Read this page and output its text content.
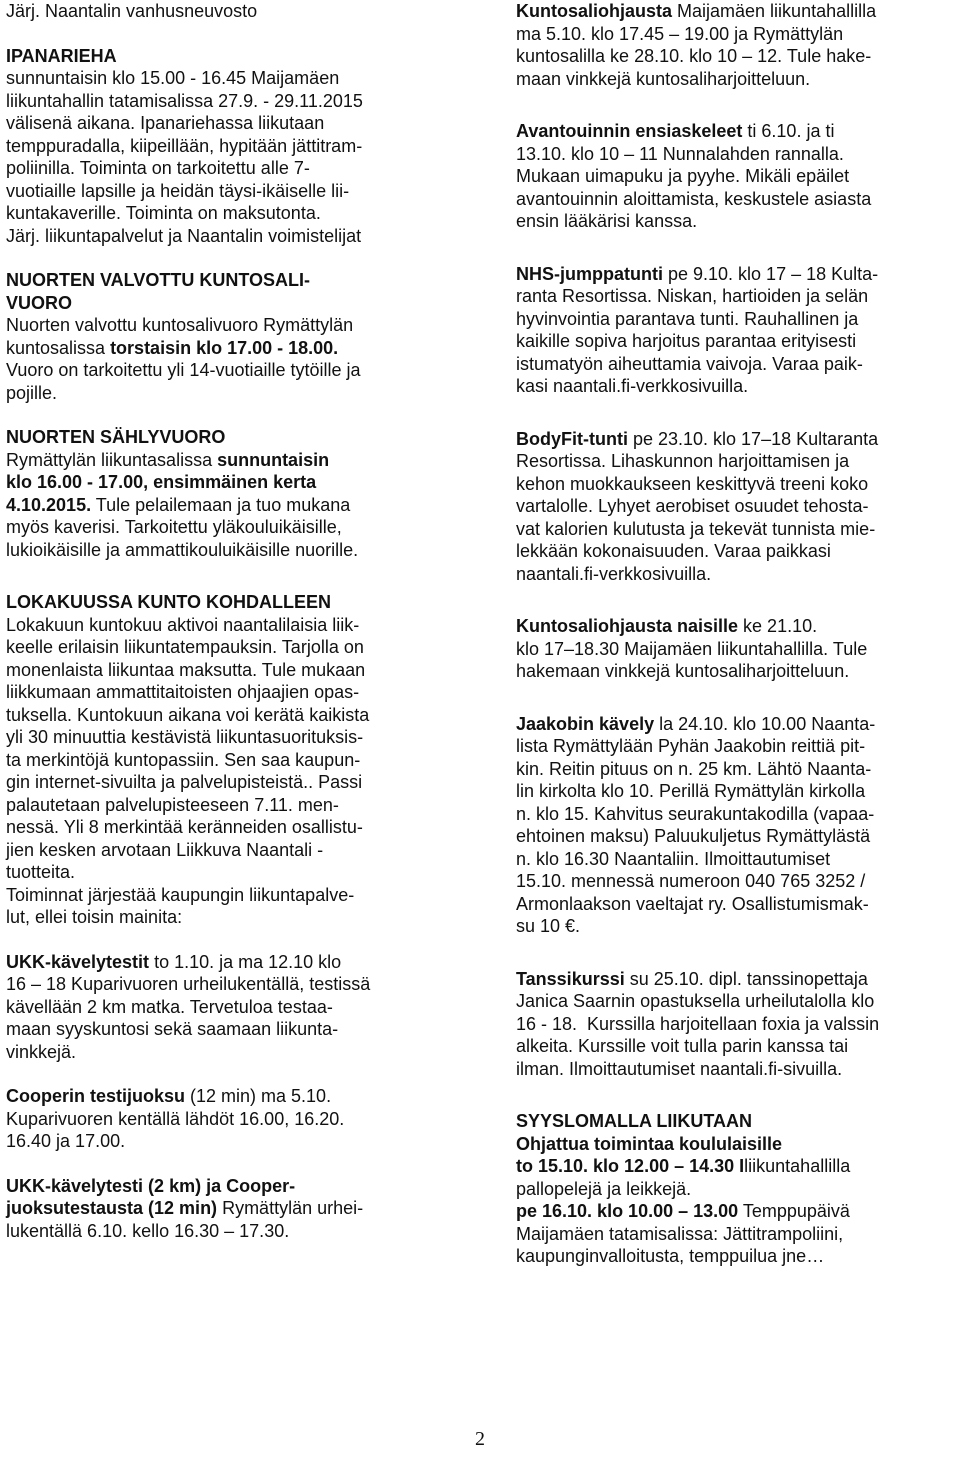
Järj. Naantalin vanhusneuvosto
IPANARIEHA
sunnuntaisin klo 15.00 - 16.45 Maijamäen
liikuntahallin tatamisalissa 27.9. - 29.11.2015
välisenä aikana. Ipanariehassa liikutaan
temppuradalla, kiipeillään, hypitään jättitram-
poliinilla. Toiminta on tarkoitettu alle 7-
vuotiaille lapsille ja heidän täysi-ikäiselle lii-
kuntakaverille. Toiminta on maksutonta.
Järj. liikuntapalvelut ja Naantalin voimistelijat
NUORTEN VALVOTTU KUNTOSALI-
VUORO
Nuorten valvottu kuntosalivuoro Rymättylän
kuntosalissa torstaisin klo 17.00 - 18.00.
Vuoro on tarkoitettu yli 14-vuotiaille tytöille ja
pojille.
NUORTEN SÄHLYVUORO
Rymättylän liikuntasalissa sunnuntaisin
klo 16.00 - 17.00, ensimmäinen kerta
4.10.2015. Tule pelailemaan ja tuo mukana
myös kaverisi. Tarkoitettu yläkouluikäisille,
lukioikäisille ja ammattikouluikäisille nuorille.
LOKAKUUSSA KUNTO KOHDALLEEN
Lokakuun kuntokuu aktivoi naantalilaisia liik-
keelle erilaisin liikuntatempauksin. Tarjolla on
monenlaista liikuntaa maksutta. Tule mukaan
liikkumaan ammattitaitoisten ohjaajien opas-
tuksella. Kuntokuun aikana voi kerätä kaikista
yli 30 minuuttia kestävistä liikuntasuorituksis-
ta merkintöjä kuntopassiin. Sen saa kaupun-
gin internet-sivuilta ja palvelupisteistä.. Passi
palautetaan palvelupisteeseen 7.11. men-
nessä. Yli 8 merkintää keränneiden osallistu-
jien kesken arvotaan Liikkuva Naantali -
tuotteita.
Toiminnat järjestää kaupungin liikuntapalve-
lut, ellei toisin mainita:
UKK-kävelytestit to 1.10. ja ma 12.10 klo
16 – 18 Kuparivuoren urheilukentällä, testissä
kävellään 2 km matka. Tervetuloa testaa-
maan syyskuntosi sekä saamaan liikunta-
vinkkejä.
Cooperin testijuoksu (12 min) ma 5.10.
Kuparivuoren kentällä lähdöt 16.00, 16.20.
16.40 ja 17.00.
UKK-kävelytesti (2 km) ja Cooper-
juoksutestausta (12 min) Rymättylän urhei-
lukentällä 6.10. kello 16.30 – 17.30.
Kuntosaliohjausta Maijamäen liikuntahallilla
ma 5.10. klo 17.45 – 19.00 ja Rymättylän
kuntosalilla ke 28.10. klo 10 – 12. Tule hake-
maan vinkkejä kuntosaliharjoitteluun.
Avantouinnin ensiaskeleet ti 6.10. ja ti
13.10. klo 10 – 11 Nunnalahden rannalla.
Mukaan uimapuku ja pyyhe. Mikäli epäilet
avantouinnin aloittamista, keskustele asiasta
ensin lääkärisi kanssa.
NHS-jumppatunti pe 9.10. klo 17 – 18 Kulta-
ranta Resortissa. Niskan, hartioiden ja selän
hyvinvointia parantava tunti. Rauhallinen ja
kaikille sopiva harjoitus parantaa erityisesti
istumatyön aiheuttamia vaivoja. Varaa paik-
kasi naantali.fi-verkkosivuilla.
BodyFit-tunti pe 23.10. klo 17–18 Kultaranta
Resortissa. Lihaskunnon harjoittamisen ja
kehon muokkaukseen keskittyvä treeni koko
vartalolle. Lyhyet aerobiset osuudet tehosta-
vat kalorien kulutusta ja tekevät tunnista mie-
lekkään kokonaisuuden. Varaa paikkasi
naantali.fi-verkkosivuilla.
Kuntosaliohjausta naisille ke 21.10.
klo 17–18.30 Maijamäen liikuntahallilla. Tule
hakemaan vinkkejä kuntosaliharjoitteluun.
Jaakobin kävely la 24.10. klo 10.00 Naanta-
lista Rymättylään Pyhän Jaakobin reittiä pit-
kin. Reitin pituus on n. 25 km. Lähtö Naanta-
lin kirkolta klo 10. Perillä Rymättylän kirkolla
n. klo 15. Kahvitus seurakuntakodilla (vapaa-
ehtoinen maksu) Paluukuljetus Rymättylästä
n. klo 16.30 Naantaliin. Ilmoittautumiset
15.10. mennessä numeroon 040 765 3252 /
Armonlaakson vaeltajat ry. Osallistumismak-
su 10 €.
Tanssikurssi su 25.10. dipl. tanssinopettaja
Janica Saarnin opastuksella urheilutalolla klo
16 - 18.  Kurssilla harjoitellaan foxia ja valssin
alkeita. Kurssille voit tulla parin kanssa tai
ilman. Ilmoittautumiset naantali.fi-sivuilla.
SYYSLOMALLA LIIKUTAAN
Ohjattua toimintaa koululaisille
to 15.10. klo 12.00 – 14.30 Iliikuntahallilla
pallopelejä ja leikkejä.
pe 16.10. klo 10.00 – 13.00 Temppupäivä
Maijamäen tatamisalissa: Jättitrampoliini,
kaupunginvalloitusta, temppuilua jne…
2
